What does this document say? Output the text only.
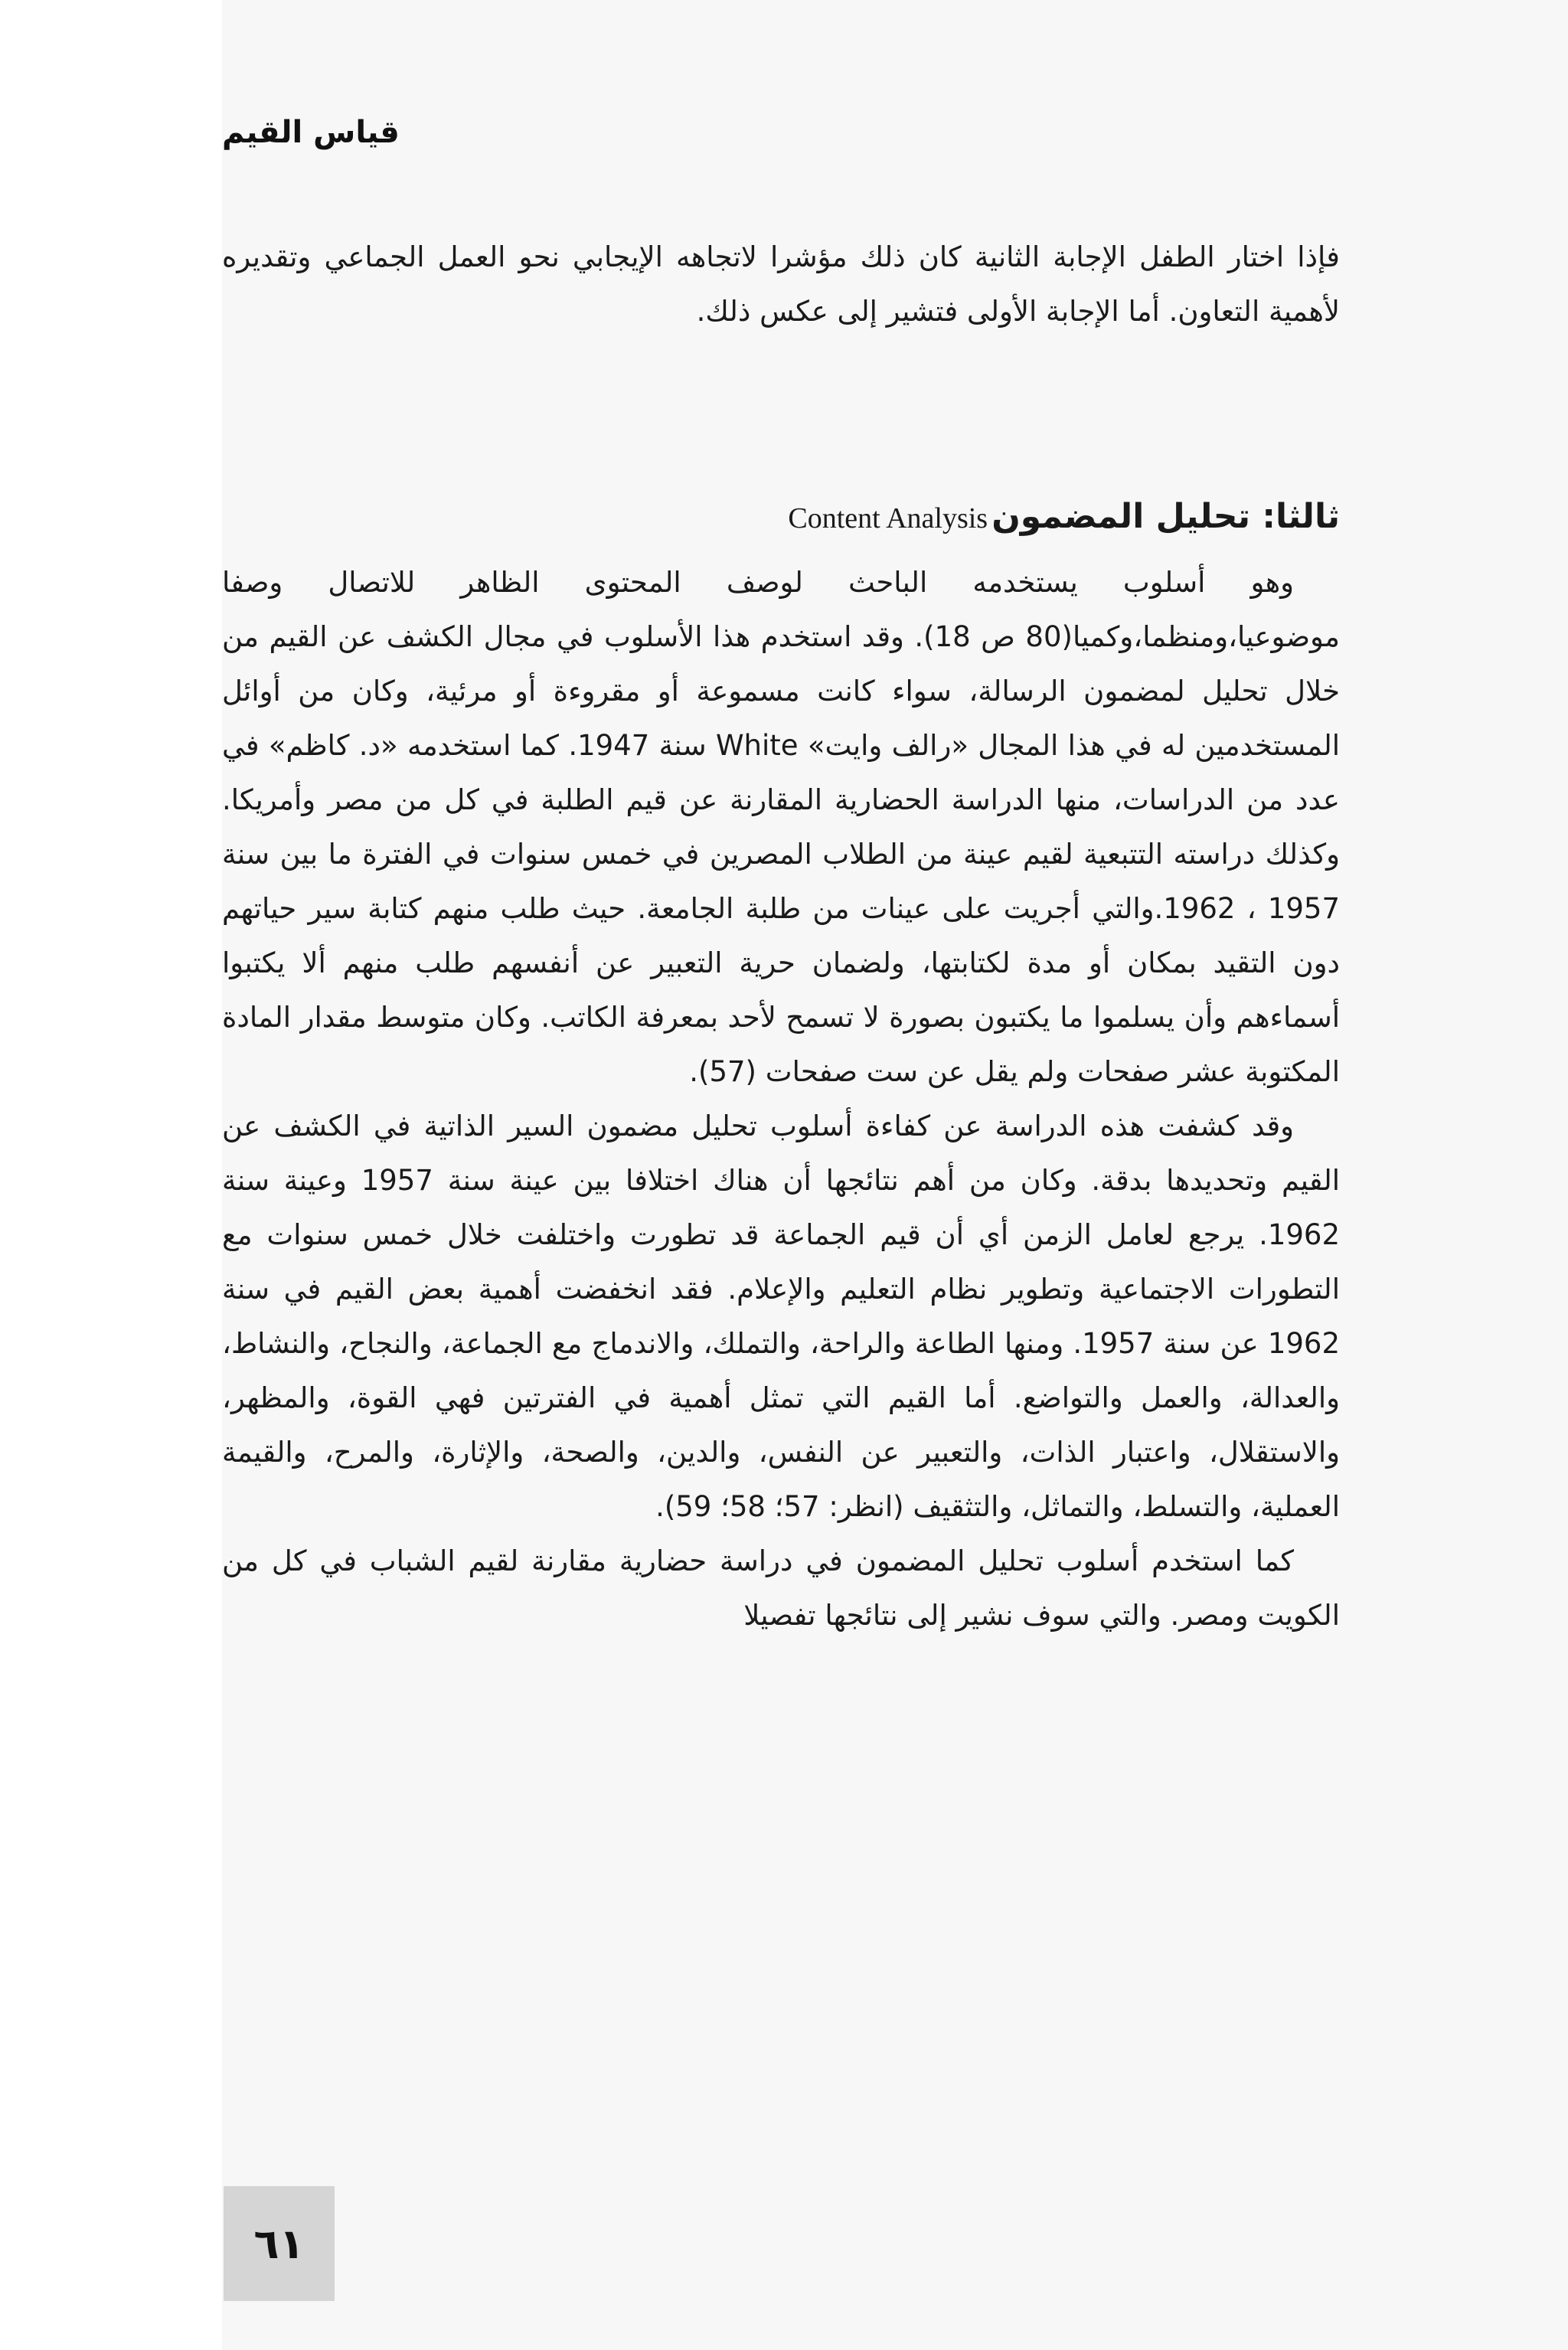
قياس القيم

فإذا اختار الطفل الإجابة الثانية كان ذلك مؤشرا لاتجاهه الإيجابي نحو العمل الجماعي وتقديره لأهمية التعاون. أما الإجابة الأولى فتشير إلى عكس ذلك.

ثالثا: تحليل المضمون Content Analysis

وهو أسلوب يستخدمه الباحث لوصف المحتوى الظاهر للاتصال وصفا موضوعيا،ومنظما،وكميا(80 ص 18). وقد استخدم هذا الأسلوب في مجال الكشف عن القيم من خلال تحليل لمضمون الرسالة، سواء كانت مسموعة أو مقروءة أو مرئية، وكان من أوائل المستخدمين له في هذا المجال «رالف وايت» White سنة 1947. كما استخدمه «د. كاظم» في عدد من الدراسات، منها الدراسة الحضارية المقارنة عن قيم الطلبة في كل من مصر وأمريكا. وكذلك دراسته التتبعية لقيم عينة من الطلاب المصرين في خمس سنوات في الفترة ما بين سنة 1957 ، 1962.والتي أجريت على عينات من طلبة الجامعة. حيث طلب منهم كتابة سير حياتهم دون التقيد بمكان أو مدة لكتابتها، ولضمان حرية التعبير عن أنفسهم طلب منهم ألا يكتبوا أسماءهم وأن يسلموا ما يكتبون بصورة لا تسمح لأحد بمعرفة الكاتب. وكان متوسط مقدار المادة المكتوبة عشر صفحات ولم يقل عن ست صفحات (57).

وقد كشفت هذه الدراسة عن كفاءة أسلوب تحليل مضمون السير الذاتية في الكشف عن القيم وتحديدها بدقة. وكان من أهم نتائجها أن هناك اختلافا بين عينة سنة 1957 وعينة سنة 1962. يرجع لعامل الزمن أي أن قيم الجماعة قد تطورت واختلفت خلال خمس سنوات مع التطورات الاجتماعية وتطوير نظام التعليم والإعلام. فقد انخفضت أهمية بعض القيم في سنة 1962 عن سنة 1957. ومنها الطاعة والراحة، والتملك، والاندماج مع الجماعة، والنجاح، والنشاط، والعدالة، والعمل والتواضع. أما القيم التي تمثل أهمية في الفترتين فهي القوة، والمظهر، والاستقلال، واعتبار الذات، والتعبير عن النفس، والدين، والصحة، والإثارة، والمرح، والقيمة العملية، والتسلط، والتماثل، والتثقيف (انظر: 57؛ 58؛ 59).

كما استخدم أسلوب تحليل المضمون في دراسة حضارية مقارنة لقيم الشباب في كل من الكويت ومصر. والتي سوف نشير إلى نتائجها تفصيلا

٦١
